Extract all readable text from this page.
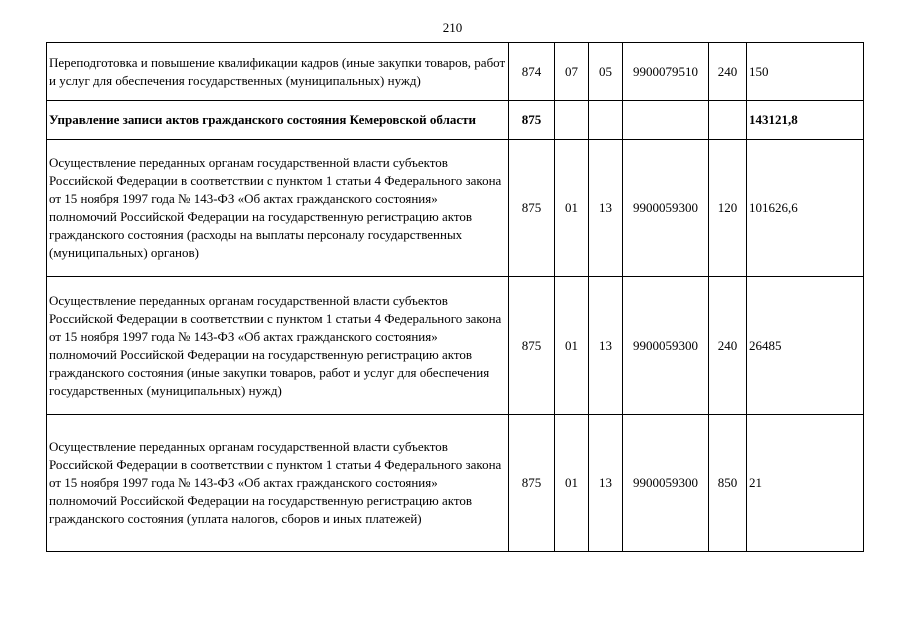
210
Переподготовка и повышение квалификации кадров (иные закупки товаров, работ и услуг для обеспечения государственных (муниципальных) нужд)	874	07	05	9900079510	240	150
Управление записи актов гражданского состояния Кемеровской области	875					143121,8
Осуществление переданных органам государственной власти субъектов Российской Федерации в соответствии с пунктом 1 статьи 4 Федерального закона от 15 ноября 1997 года № 143-ФЗ «Об актах гражданского состояния» полномочий Российской Федерации на государственную регистрацию актов гражданского состояния (расходы на выплаты персоналу государственных (муниципальных) органов)	875	01	13	9900059300	120	101626,6
Осуществление переданных органам государственной власти субъектов Российской Федерации в соответствии с пунктом 1 статьи 4 Федерального закона от 15 ноября 1997 года № 143-ФЗ «Об актах гражданского состояния» полномочий Российской Федерации на государственную регистрацию актов гражданского состояния (иные закупки товаров, работ и услуг для обеспечения государственных (муниципальных) нужд)	875	01	13	9900059300	240	26485
Осуществление переданных органам государственной власти субъектов Российской Федерации в соответствии с пунктом 1 статьи 4 Федерального закона от 15 ноября 1997 года № 143-ФЗ «Об актах гражданского состояния» полномочий Российской Федерации на государственную регистрацию актов гражданского состояния (уплата налогов, сборов и иных платежей)	875	01	13	9900059300	850	21
